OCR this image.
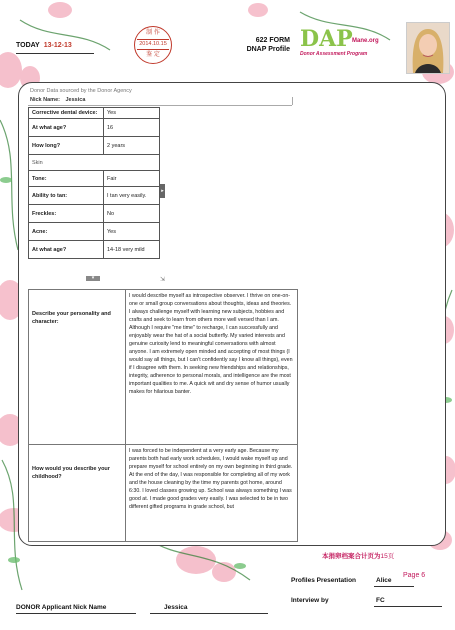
TODAY 13-12-13
制 作
2014.10.15
鉴 定
622 FORM
DNAP Profile DAP Mane.org
Donor Assessment Program
Donor Data sourced by the Donor Agency
Nick Name: Jessica
Corrective dental device:	Yes
At what age?	16
How long?	2 years
Skin	
Tone:	Fair
Ability to tan:	I tan very easily.
Freckles:	No
Acne:	Yes
At what age?	14-18 very mild
▸
▾	⇲
Describe your personality and character:	I would describe myself as introspective observer. I thrive on one-on-one or small group conversations about thoughts, ideas and theories. I always challenge myself with learning new subjects, hobbies and crafts and seek to learn from others more well versed than I am. Although I require "me time" to recharge, I can successfully and enjoyably wear the hat of a social butterfly. My varied interests and genuine curiosity lend to meaningful conversations with almost anyone. I am extremely open minded and accepting of most things (I would say all things, but I can't confidently say I know all things), even if I disagree with them. In seeking new friendships and relationships, integrity, adherence to personal morals, and intelligence are the most important qualities to me. A quick wit and dry sense of humor usually makes for hilarious banter.
How would you describe your childhood?	I was forced to be independent at a very early age. Because my parents both had early work schedules, I would wake myself up and prepare myself for school entirely on my own beginning in third grade. At the end of the day, I was responsible for completing all of my work and the house cleaning by the time my parents got home, around 6:30. I loved classes growing up. School was always something I was good at. I made good grades very easily. I was selected to be in two different gifted programs in grade school, but
本捐卵档案合计页为15页
Page 6
Profiles Presentation	Alice
Interview by	FC
DONOR Applicant Nick Name	Jessica
